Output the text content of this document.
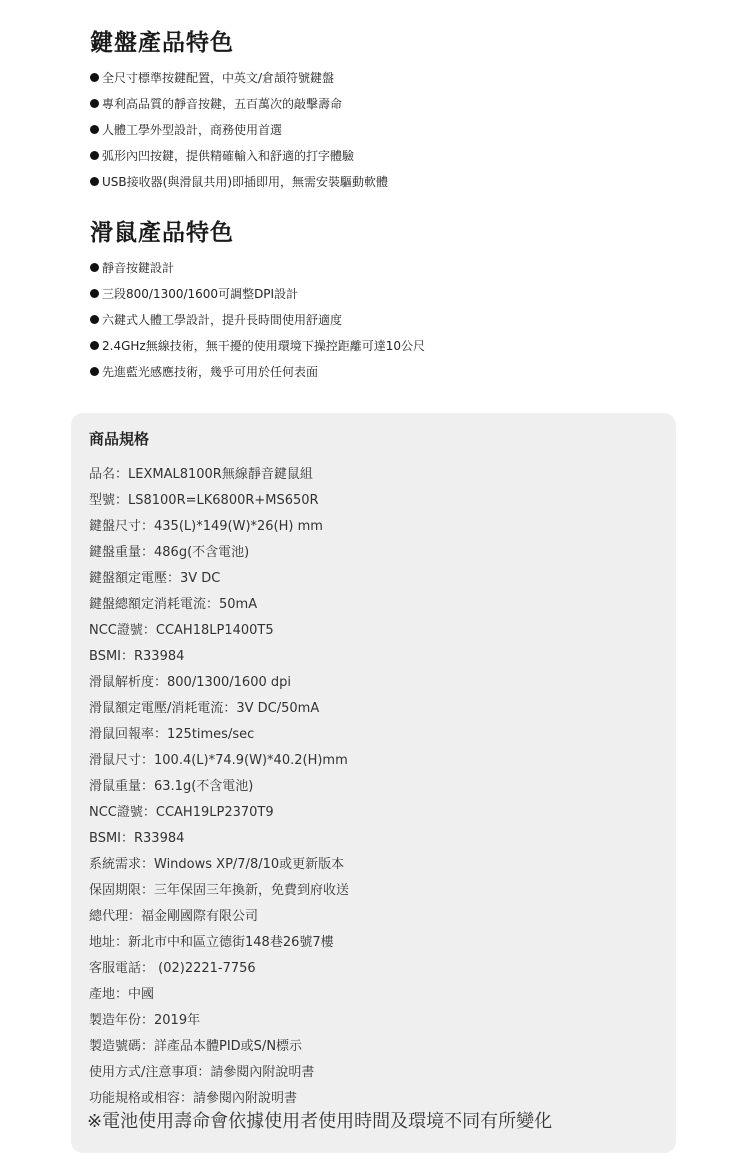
鍵盤產品特色
全尺寸標準按鍵配置，中英文/倉頡符號鍵盤
專利高品質的靜音按鍵，五百萬次的敲擊壽命
人體工學外型設計，商務使用首選
弧形內凹按鍵，提供精確輸入和舒適的打字體驗
USB接收器(與滑鼠共用)即插即用，無需安裝驅動軟體
滑鼠產品特色
靜音按鍵設計
三段800/1300/1600可調整DPI設計
六鍵式人體工學設計，提升長時間使用舒適度
2.4GHz無線技術，無干擾的使用環境下操控距離可達10公尺
先進藍光感應技術，幾乎可用於任何表面
商品規格
品名：LEXMAL8100R無線靜音鍵鼠組
型號：LS8100R=LK6800R+MS650R
鍵盤尺寸：435(L)*149(W)*26(H) mm
鍵盤重量：486g(不含電池)
鍵盤額定電壓：3V DC
鍵盤總額定消耗電流：50mA
NCC證號：CCAH18LP1400T5
BSMI：R33984
滑鼠解析度：800/1300/1600 dpi
滑鼠額定電壓/消耗電流：3V DC/50mA
滑鼠回報率：125times/sec
滑鼠尺寸：100.4(L)*74.9(W)*40.2(H)mm
滑鼠重量：63.1g(不含電池)
NCC證號：CCAH19LP2370T9
BSMI：R33984
系統需求：Windows XP/7/8/10或更新版本
保固期限：三年保固三年換新，免費到府收送
總代理：福金剛國際有限公司
地址：新北市中和區立德街148巷26號7樓
客服電話： (02)2221-7756
產地：中國
製造年份：2019年
製造號碼：詳產品本體PID或S/N標示
使用方式/注意事項：請參閱內附說明書
功能規格或相容：請參閱內附說明書

※電池使用壽命會依據使用者使用時間及環境不同有所變化
